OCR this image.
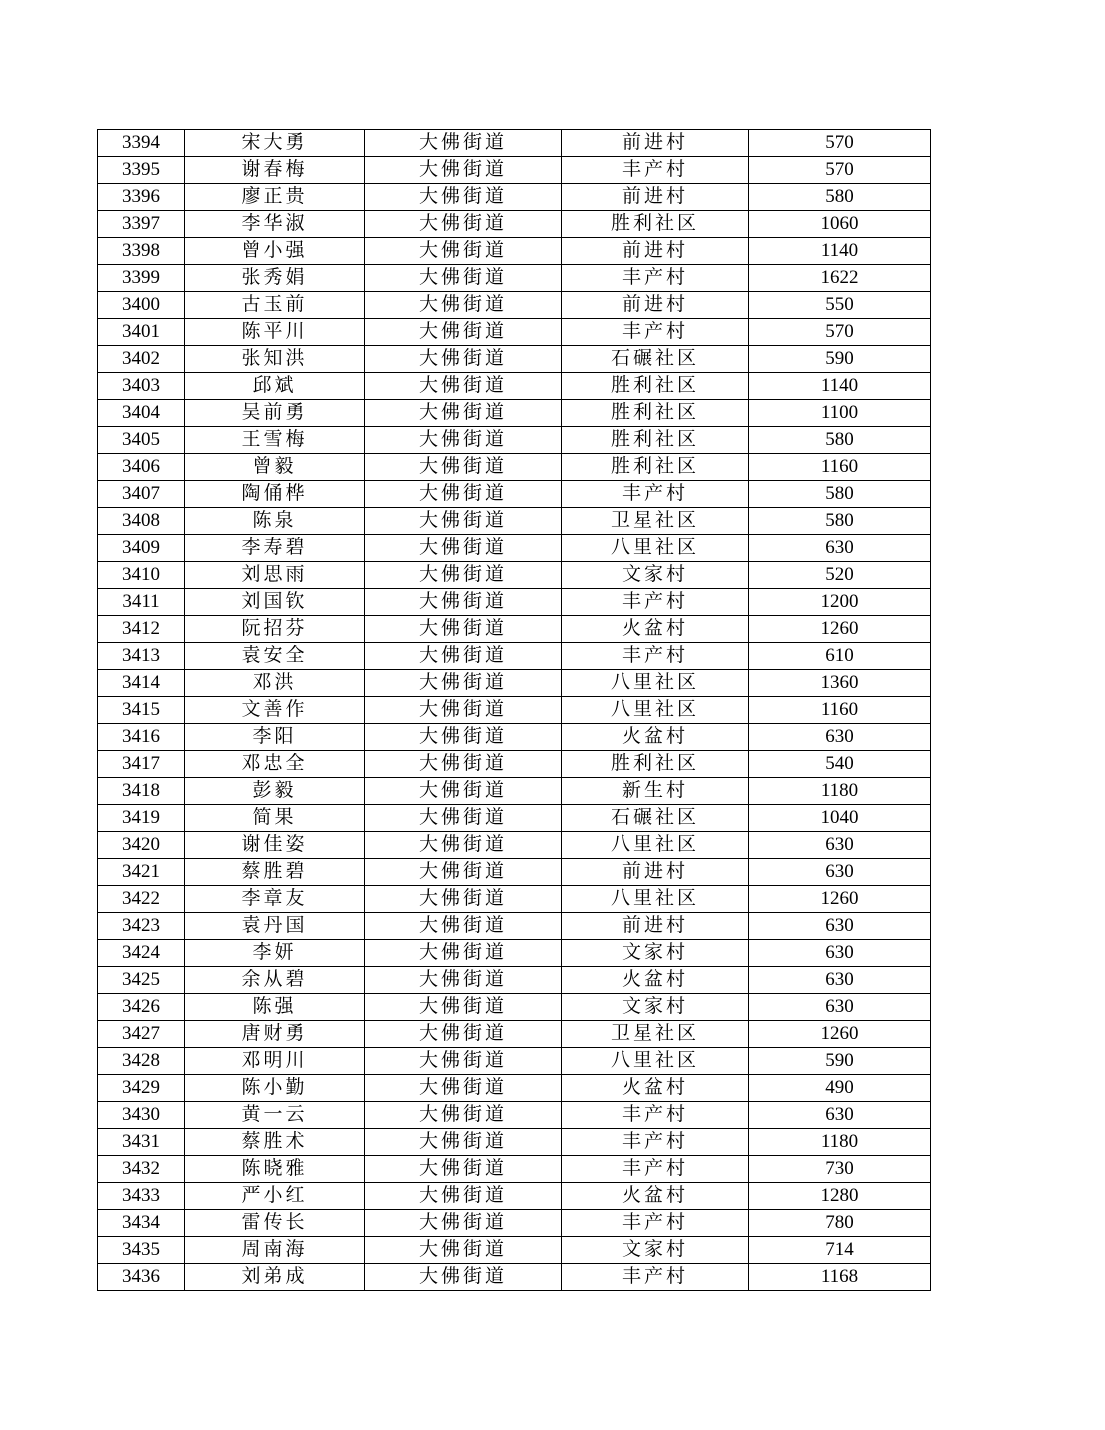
3394	宋大勇	大佛街道	前进村	570
3395	谢春梅	大佛街道	丰产村	570
3396	廖正贵	大佛街道	前进村	580
3397	李华淑	大佛街道	胜利社区	1060
3398	曾小强	大佛街道	前进村	1140
3399	张秀娟	大佛街道	丰产村	1622
3400	古玉前	大佛街道	前进村	550
3401	陈平川	大佛街道	丰产村	570
3402	张知洪	大佛街道	石碾社区	590
3403	邱斌	大佛街道	胜利社区	1140
3404	吴前勇	大佛街道	胜利社区	1100
3405	王雪梅	大佛街道	胜利社区	580
3406	曾毅	大佛街道	胜利社区	1160
3407	陶俑桦	大佛街道	丰产村	580
3408	陈泉	大佛街道	卫星社区	580
3409	李寿碧	大佛街道	八里社区	630
3410	刘思雨	大佛街道	文家村	520
3411	刘国钦	大佛街道	丰产村	1200
3412	阮招芬	大佛街道	火盆村	1260
3413	袁安全	大佛街道	丰产村	610
3414	邓洪	大佛街道	八里社区	1360
3415	文善作	大佛街道	八里社区	1160
3416	李阳	大佛街道	火盆村	630
3417	邓忠全	大佛街道	胜利社区	540
3418	彭毅	大佛街道	新生村	1180
3419	简果	大佛街道	石碾社区	1040
3420	谢佳姿	大佛街道	八里社区	630
3421	蔡胜碧	大佛街道	前进村	630
3422	李章友	大佛街道	八里社区	1260
3423	袁丹国	大佛街道	前进村	630
3424	李妍	大佛街道	文家村	630
3425	余从碧	大佛街道	火盆村	630
3426	陈强	大佛街道	文家村	630
3427	唐财勇	大佛街道	卫星社区	1260
3428	邓明川	大佛街道	八里社区	590
3429	陈小勤	大佛街道	火盆村	490
3430	黄一云	大佛街道	丰产村	630
3431	蔡胜术	大佛街道	丰产村	1180
3432	陈晓雅	大佛街道	丰产村	730
3433	严小红	大佛街道	火盆村	1280
3434	雷传长	大佛街道	丰产村	780
3435	周南海	大佛街道	文家村	714
3436	刘弟成	大佛街道	丰产村	1168
